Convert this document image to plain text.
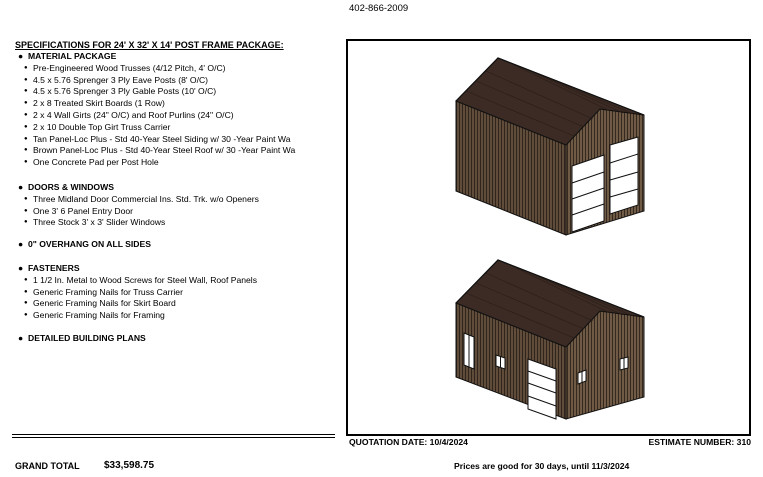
402-866-2009
SPECIFICATIONS FOR 24' X 32' X 14' POST FRAME PACKAGE:
● MATERIAL PACKAGE
● Pre-Engineered Wood Trusses (4/12 Pitch, 4' O/C)
● 4.5 x 5.76 Sprenger 3 Ply Eave Posts (8' O/C)
● 4.5 x 5.76 Sprenger 3 Ply Gable Posts (10' O/C)
● 2 x 8 Treated Skirt Boards (1 Row)
● 2 x 4 Wall Girts (24" O/C) and Roof Purlins (24" O/C)
● 2 x 10 Double Top Girt Truss Carrier
● Tan Panel-Loc Plus - Std 40-Year Steel Siding w/ 30 -Year Paint Wa
● Brown Panel-Loc Plus - Std 40-Year Steel Roof w/ 30 -Year Paint Wa
● One Concrete Pad per Post Hole
● DOORS & WINDOWS
● Three Midland Door Commercial Ins. Std. Trk. w/o Openers
● One 3' 6 Panel Entry Door
● Three Stock 3' x 3' Slider Windows
● 0" OVERHANG ON ALL SIDES
● FASTENERS
● 1 1/2 In. Metal to Wood Screws for Steel Wall, Roof Panels
● Generic Framing Nails for Truss Carrier
● Generic Framing Nails for Skirt Board
● Generic Framing Nails for Framing
● DETAILED BUILDING PLANS
QUOTATION DATE: 10/4/2024	ESTIMATE NUMBER: 310
GRAND TOTAL $33,598.75	Prices are good for 30 days, until 11/3/2024
